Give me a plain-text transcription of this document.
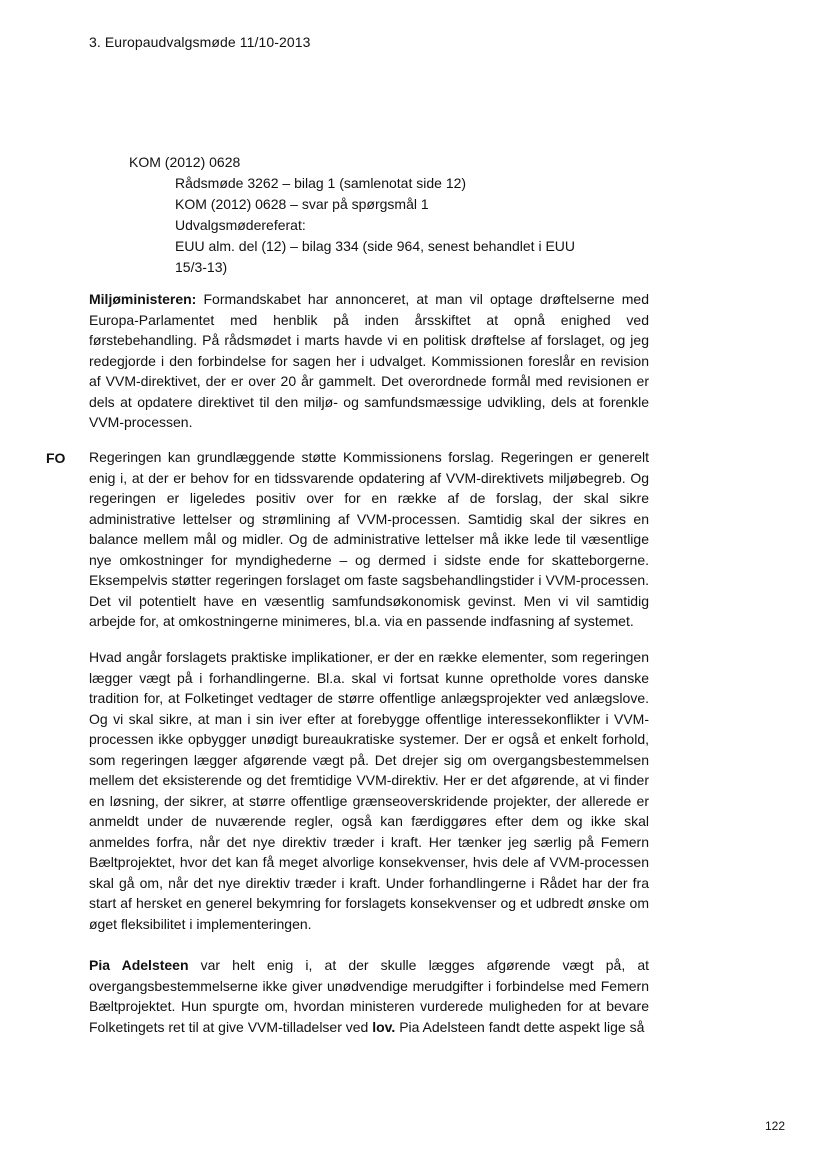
3. Europaudvalgsmøde 11/10-2013
KOM (2012) 0628
Rådsmøde 3262 – bilag 1 (samlenotat side 12)
KOM (2012) 0628 – svar på spørgsmål 1
Udvalgsmødereferat:
EUU alm. del (12) – bilag 334 (side 964, senest behandlet i EUU 15/3-13)

Miljøministeren: Formandskabet har annonceret, at man vil optage drøftelserne med Europa-Parlamentet med henblik på inden årsskiftet at opnå enighed ved førstebehandling. På rådsmødet i marts havde vi en politisk drøftelse af forslaget, og jeg redegjorde i den forbindelse for sagen her i udvalget. Kommissionen foreslår en revision af VVM-direktivet, der er over 20 år gammelt. Det overordnede formål med revisionen er dels at opdatere direktivet til den miljø- og samfundsmæssige udvikling, dels at forenkle VVM-processen.

FO Regeringen kan grundlæggende støtte Kommissionens forslag. Regeringen er generelt enig i, at der er behov for en tidssvarende opdatering af VVM-direktivets miljøbegreb. Og regeringen er ligeledes positiv over for en række af de forslag, der skal sikre administrative lettelser og strømlining af VVM-processen. Samtidig skal der sikres en balance mellem mål og midler. Og de administrative lettelser må ikke lede til væsentlige nye omkostninger for myndighederne – og dermed i sidste ende for skatteborgerne. Eksempelvis støtter regeringen forslaget om faste sagsbehandlingstider i VVM-processen. Det vil potentielt have en væsentlig samfundsøkonomisk gevinst. Men vi vil samtidig arbejde for, at omkostningerne minimeres, bl.a. via en passende indfasning af systemet.

Hvad angår forslagets praktiske implikationer, er der en række elementer, som regeringen lægger vægt på i forhandlingerne. Bl.a. skal vi fortsat kunne opretholde vores danske tradition for, at Folketinget vedtager de større offentlige anlægsprojekter ved anlægslove. Og vi skal sikre, at man i sin iver efter at forebygge offentlige interessekonflikter i VVM-processen ikke opbygger unødigt bureaukratiske systemer. Der er også et enkelt forhold, som regeringen lægger afgørende vægt på. Det drejer sig om overgangsbestemmelsen mellem det eksisterende og det fremtidige VVM-direktiv. Her er det afgørende, at vi finder en løsning, der sikrer, at større offentlige grænseoverskridende projekter, der allerede er anmeldt under de nuværende regler, også kan færdiggøres efter dem og ikke skal anmeldes forfra, når det nye direktiv træder i kraft. Her tænker jeg særlig på Femern Bæltprojektet, hvor det kan få meget alvorlige konsekvenser, hvis dele af VVM-processen skal gå om, når det nye direktiv træder i kraft. Under forhandlingerne i Rådet har der fra start af hersket en generel bekymring for forslagets konsekvenser og et udbredt ønske om øget fleksibilitet i implementeringen.

Pia Adelsteen var helt enig i, at der skulle lægges afgørende vægt på, at overgangsbestemmelserne ikke giver unødvendige merudgifter i forbindelse med Femern Bæltprojektet. Hun spurgte om, hvordan ministeren vurderede muligheden for at bevare Folketingets ret til at give VVM-tilladelser ved lov. Pia Adelsteen fandt dette aspekt lige så

122
